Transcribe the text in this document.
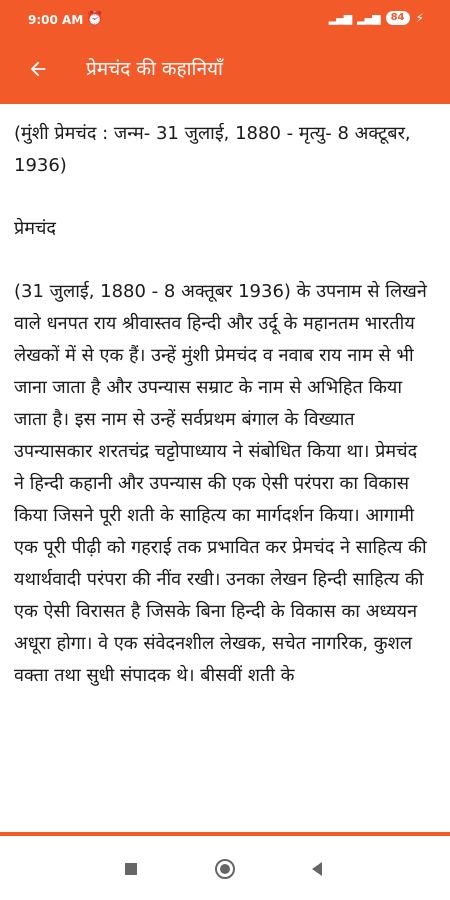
9:00 AM ⏰	▂▄▆ ▂▄▆	84 ⚡
प्रेमचंद की कहानियाँ

(मुंशी प्रेमचंद : जन्म- 31 जुलाई, 1880 - मृत्यु- 8 अक्टूबर, 1936)

प्रेमचंद

(31 जुलाई, 1880 - 8 अक्तूबर 1936) के उपनाम से लिखने वाले धनपत राय श्रीवास्तव हिन्दी और उर्दू के महानतम भारतीय लेखकों में से एक हैं। उन्हें मुंशी प्रेमचंद व नवाब राय नाम से भी जाना जाता है और उपन्यास सम्राट के नाम से अभिहित किया जाता है। इस नाम से उन्हें सर्वप्रथम बंगाल के विख्यात उपन्यासकार शरतचंद्र चट्टोपाध्याय ने संबोधित किया था। प्रेमचंद ने हिन्दी कहानी और उपन्यास की एक ऐसी परंपरा का विकास किया जिसने पूरी शती के साहित्य का मार्गदर्शन किया। आगामी एक पूरी पीढ़ी को गहराई तक प्रभावित कर प्रेमचंद ने साहित्य की यथार्थवादी परंपरा की नींव रखी। उनका लेखन हिन्दी साहित्य की एक ऐसी विरासत है जिसके बिना हिन्दी के विकास का अध्ययन अधूरा होगा। वे एक संवेदनशील लेखक, सचेत नागरिक, कुशल वक्ता तथा सुधी संपादक थे। बीसवीं शती के
